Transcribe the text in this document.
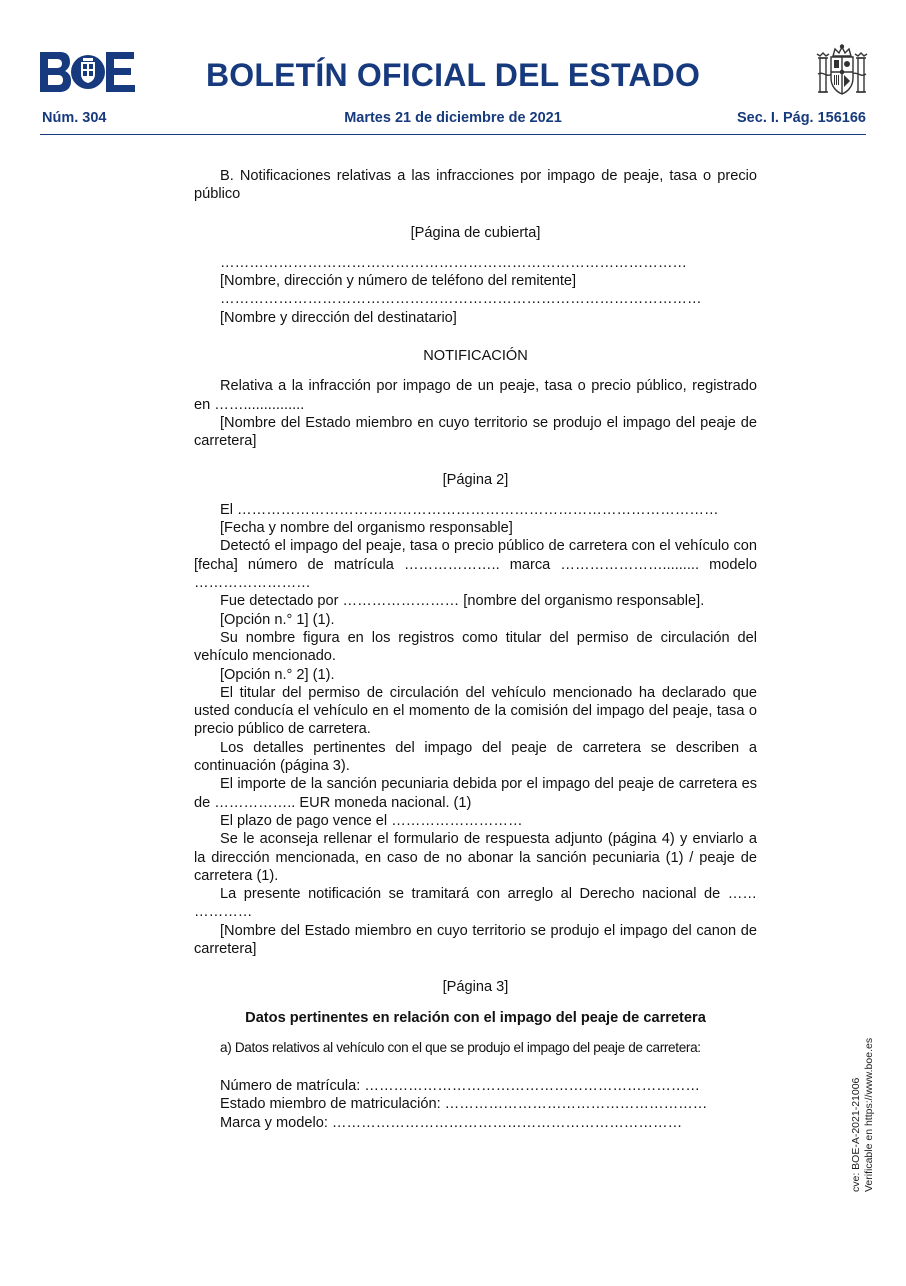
BOLETÍN OFICIAL DEL ESTADO
Martes 21 de diciembre de 2021
Núm. 304	Sec. I. Pág. 156166

B. Notificaciones relativas a las infracciones por impago de peaje, tasa o precio público

[Página de cubierta]

……………………………………………………………………………………

[Nombre, dirección y número de teléfono del remitente]

………………………………………………………………………………………

[Nombre y dirección del destinatario]

NOTIFICACIÓN

Relativa a la infracción por impago de un peaje, tasa o precio público, registrado en ……...............

[Nombre del Estado miembro en cuyo territorio se produjo el impago del peaje de carretera]

[Página 2]

El ………………………………………………………………………………………

[Fecha y nombre del organismo responsable]

Detectó el impago del peaje, tasa o precio público de carretera con el vehículo con [fecha] número de matrícula ……………….. marca …………………......... modelo ……………………

Fue detectado por …………………… [nombre del organismo responsable].

[Opción n.° 1] (1).

Su nombre figura en los registros como titular del permiso de circulación del vehículo mencionado.

[Opción n.° 2] (1).

El titular del permiso de circulación del vehículo mencionado ha declarado que usted conducía el vehículo en el momento de la comisión del impago del peaje, tasa o precio público de carretera.

Los detalles pertinentes del impago del peaje de carretera se describen a continuación (página 3).

El importe de la sanción pecuniaria debida por el impago del peaje de carretera es de …………….. EUR moneda nacional. (1)

El plazo de pago vence el ………………………

Se le aconseja rellenar el formulario de respuesta adjunto (página 4) y enviarlo a la dirección mencionada, en caso de no abonar la sanción pecuniaria (1) / peaje de carretera (1).

La presente notificación se tramitará con arreglo al Derecho nacional de …… …………

[Nombre del Estado miembro en cuyo territorio se produjo el impago del canon de carretera]

[Página 3]

Datos pertinentes en relación con el impago del peaje de carretera

a) Datos relativos al vehículo con el que se produjo el impago del peaje de carretera:

Número de matrícula: ……………………………………………………………

Estado miembro de matriculación: ………………………………………………

Marca y modelo: ………………………………………………………………	cve: BOE-A-2021-21006 Verificable en https://www.boe.es
